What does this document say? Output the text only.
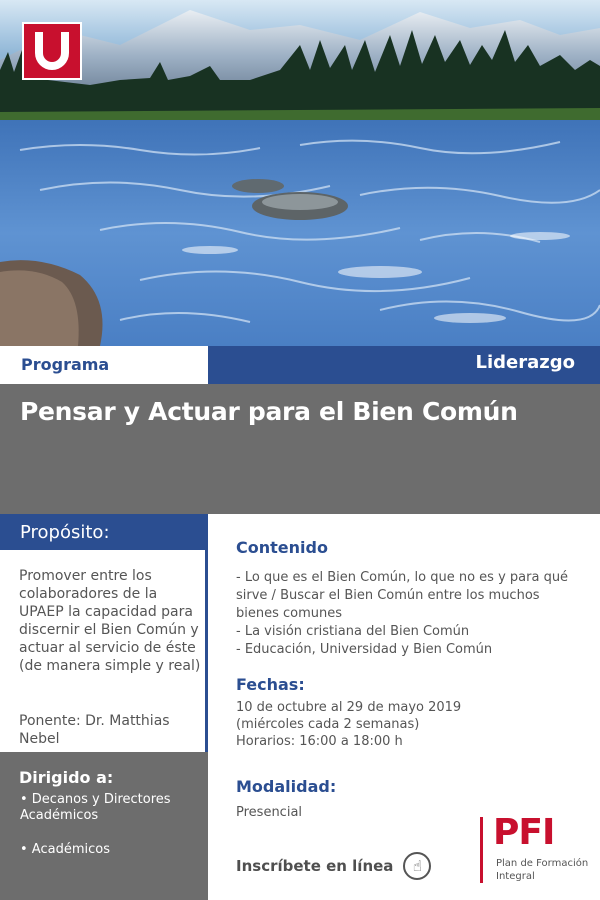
Programa	Liderazgo
Pensar y Actuar para el Bien Común
Propósito:
Promover entre los colaboradores de la UPAEP la capacidad para discernir el Bien Común y actuar al servicio de éste (de manera simple y real)
Ponente: Dr. Matthias Nebel
Dirigido a:
• Decanos y Directores Académicos
• Académicos
Contenido
- Lo que es el Bien Común, lo que no es y para qué sirve / Buscar el Bien Común entre los muchos bienes comunes
- La visión cristiana del Bien Común
- Educación, Universidad y Bien Común
Fechas:
10 de octubre al 29 de mayo 2019
(miércoles cada 2 semanas)
Horarios: 16:00 a 18:00 h
Modalidad:
Presencial
Inscríbete en línea	☝
PFI
Plan de Formación Integral
